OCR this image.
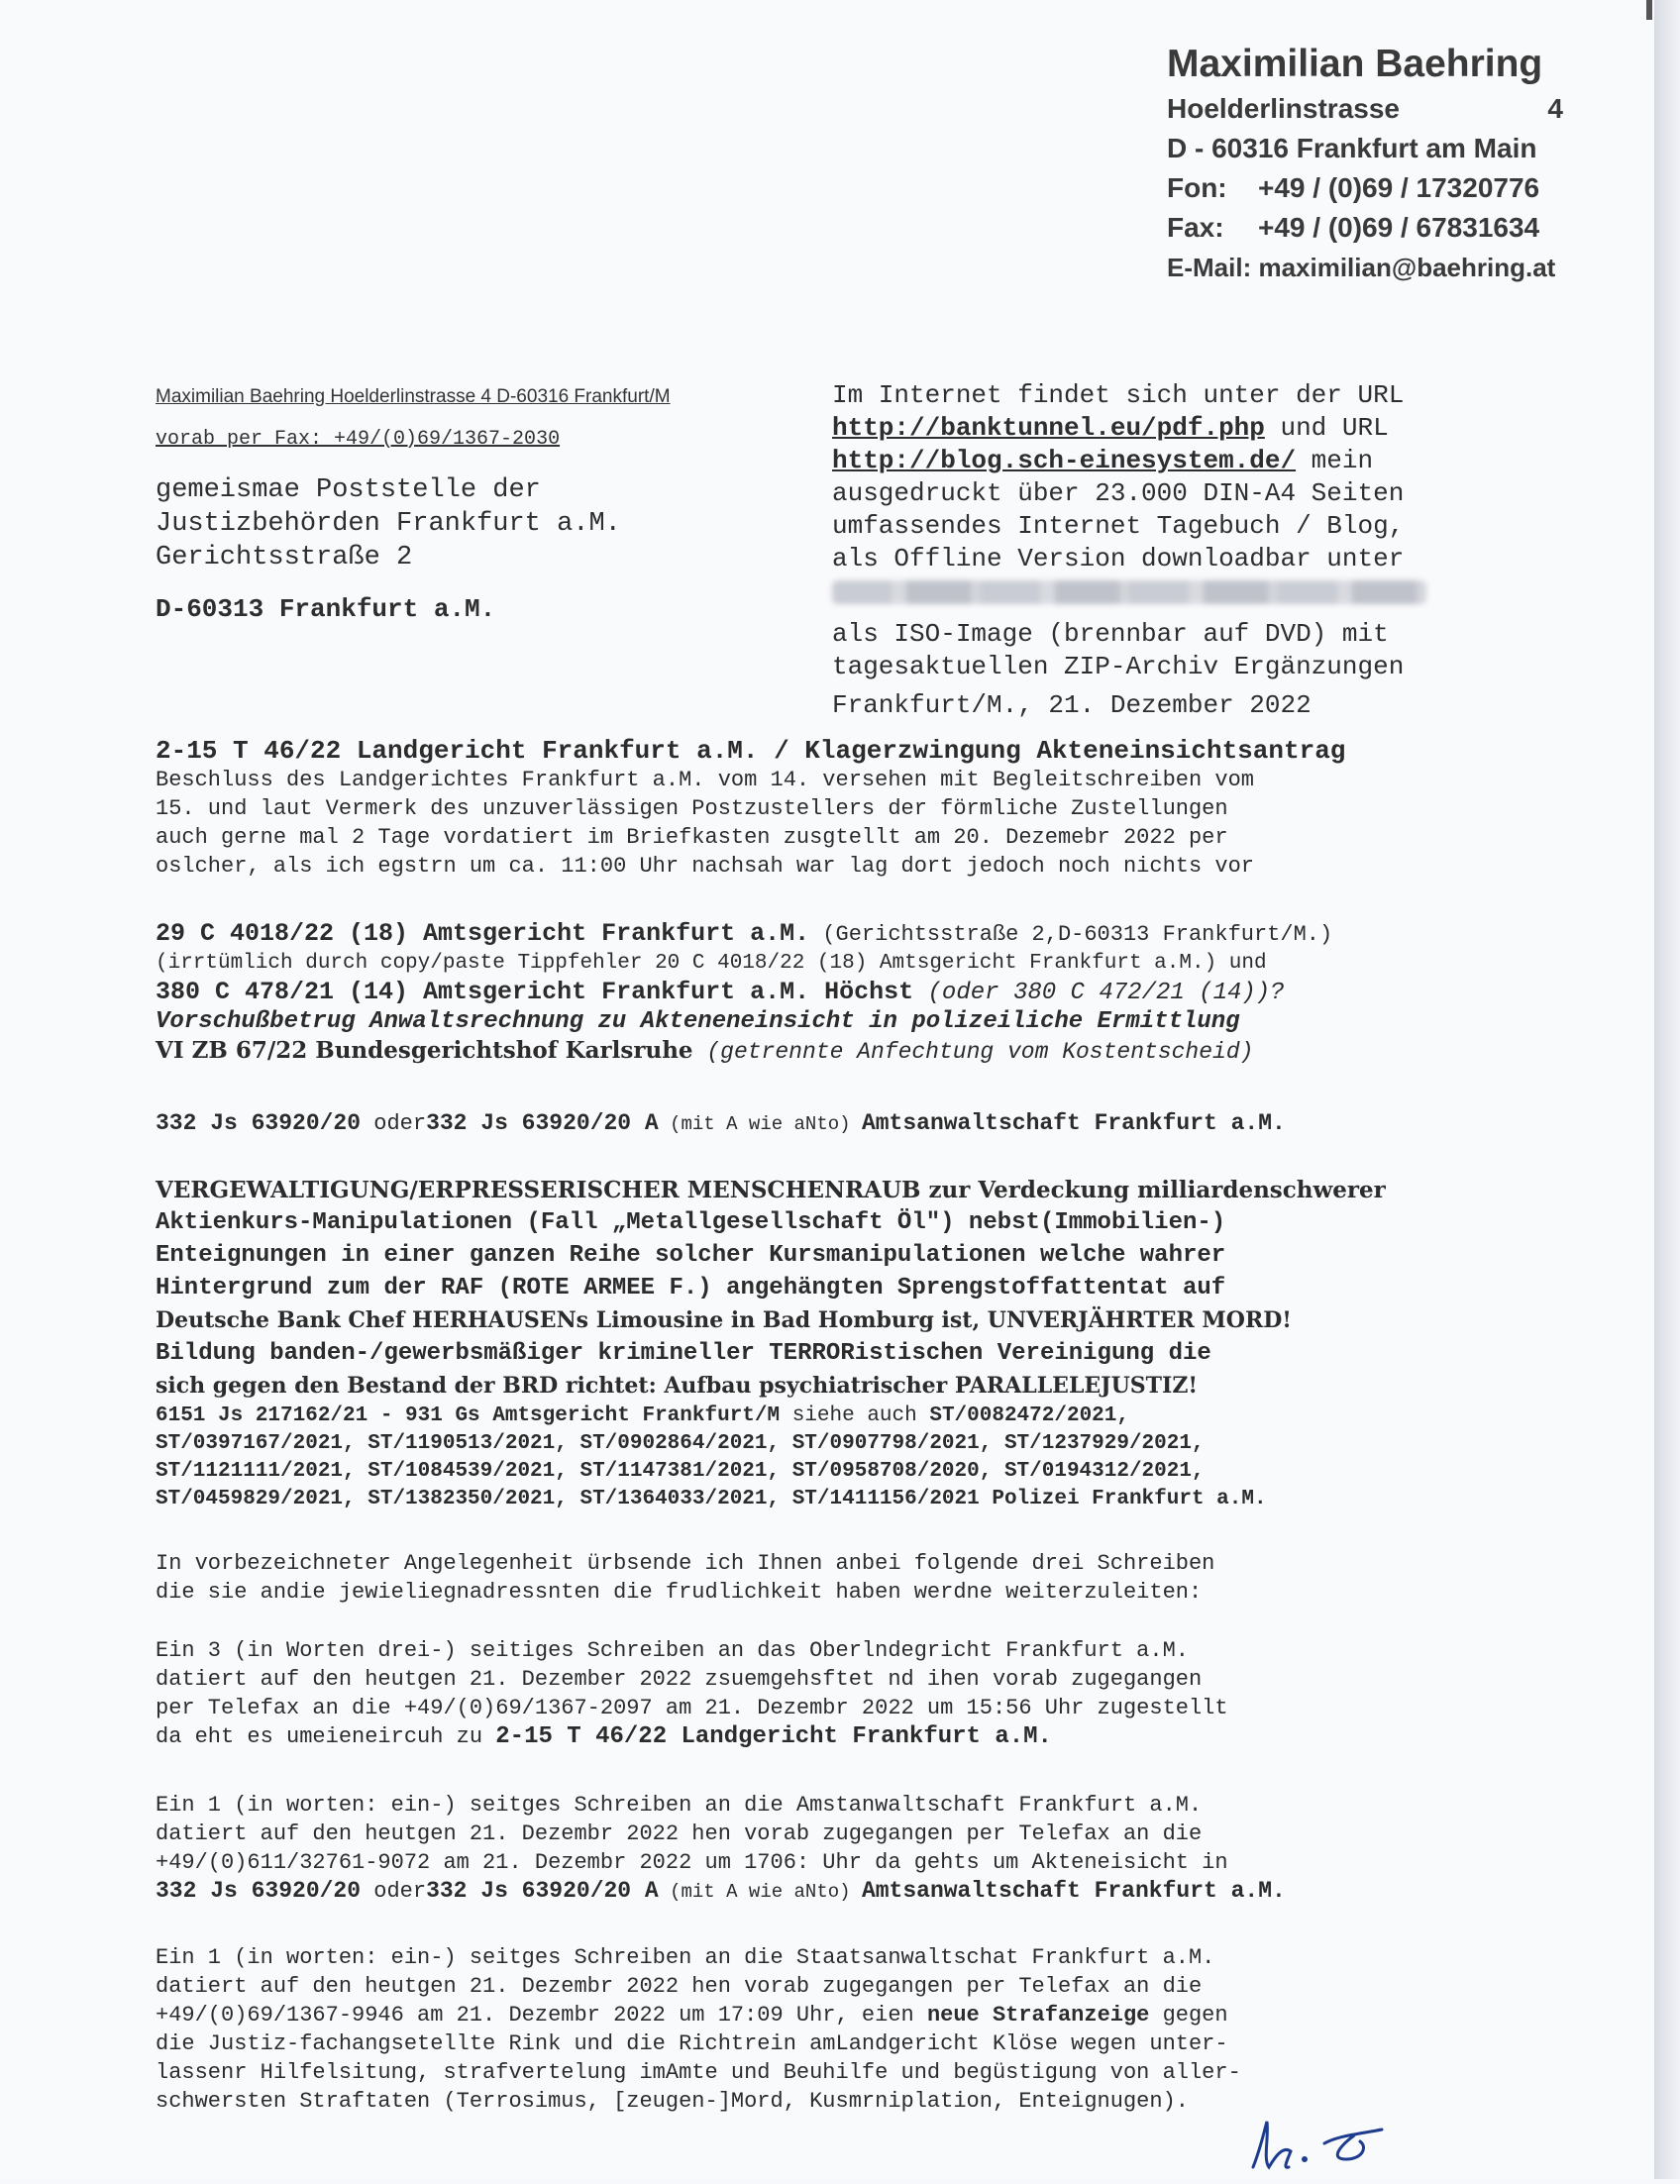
Maximilian Baehring
Hoelderlinstrasse	4
D - 60316 Frankfurt am Main
Fon:	+49 / (0)69 / 17320776
Fax:	+49 / (0)69 / 67831634
E-Mail: maximilian@baehring.at
Maximilian Baehring Hoelderlinstrasse 4 D-60316 Frankfurt/M
vorab per Fax: +49/(0)69/1367-2030
gemeismae Poststelle der
Justizbehörden Frankfurt a.M.
Gerichtsstraße 2
D-60313 Frankfurt a.M.
Im Internet findet sich unter der URL
http://banktunnel.eu/pdf.php und URL
http://blog.sch-einesystem.de/ mein
ausgedruckt über 23.000 DIN-A4 Seiten
umfassendes Internet Tagebuch / Blog,
als Offline Version downloadbar unter
als ISO-Image (brennbar auf DVD) mit
tagesaktuellen ZIP-Archiv Ergänzungen
Frankfurt/M., 21. Dezember 2022
2-15 T 46/22 Landgericht Frankfurt a.M. / Klagerzwingung Akteneinsichtsantrag
Beschluss des Landgerichtes Frankfurt a.M. vom 14. versehen mit Begleitschreiben vom
15. und laut Vermerk des unzuverlässigen Postzustellers der förmliche Zustellungen
auch gerne mal 2 Tage vordatiert im Briefkasten zusgtellt am 20. Dezemebr 2022 per
oslcher, als ich egstrn um ca. 11:00 Uhr nachsah war lag dort jedoch noch nichts vor
29 C 4018/22 (18) Amtsgericht Frankfurt a.M. (Gerichtsstraße 2,D-60313 Frankfurt/M.)
(irrtümlich durch copy/paste Tippfehler 20 C 4018/22 (18) Amtsgericht Frankfurt a.M.) und
380 C 478/21 (14) Amtsgericht Frankfurt a.M. Höchst (oder 380 C 472/21 (14))?
Vorschußbetrug Anwaltsrechnung zu Akteneneinsicht in polizeiliche Ermittlung
VI ZB 67/22 Bundesgerichtshof Karlsruhe (getrennte Anfechtung vom Kostentscheid)
332 Js 63920/20 oder332 Js 63920/20 A (mit A wie aNto) Amtsanwaltschaft Frankfurt a.M.
VERGEWALTIGUNG/ERPRESSERISCHER MENSCHENRAUB zur Verdeckung milliardenschwerer
Aktienkurs-Manipulationen (Fall „Metallgesellschaft Öl") nebst(Immobilien-)
Enteignungen in einer ganzen Reihe solcher Kursmanipulationen welche wahrer
Hintergrund zum der RAF (ROTE ARMEE F.) angehängten Sprengstoffattentat auf
Deutsche Bank Chef HERHAUSENs Limousine in Bad Homburg ist, UNVERJÄHRTER MORD!
Bildung banden-/gewerbsmäßiger krimineller TERRORistischen Vereinigung die
sich gegen den Bestand der BRD richtet: Aufbau psychiatrischer PARALLELEJUSTIZ!
6151 Js 217162/21 - 931 Gs Amtsgericht Frankfurt/M siehe auch ST/0082472/2021,
ST/0397167/2021, ST/1190513/2021, ST/0902864/2021, ST/0907798/2021, ST/1237929/2021,
ST/1121111/2021, ST/1084539/2021, ST/1147381/2021, ST/0958708/2020, ST/0194312/2021,
ST/0459829/2021, ST/1382350/2021, ST/1364033/2021, ST/1411156/2021 Polizei Frankfurt a.M.
In vorbezeichneter Angelegenheit ürbsende ich Ihnen anbei folgende drei Schreiben
die sie andie jewieliegnadressnten die frudlichkeit haben werdne weiterzuleiten:
Ein 3 (in Worten drei-) seitiges Schreiben an das Oberlndegricht Frankfurt a.M.
datiert auf den heutgen 21. Dezember 2022 zsuemgehsftet nd ihen vorab zugegangen
per Telefax an die +49/(0)69/1367-2097 am 21. Dezembr 2022 um 15:56 Uhr zugestellt
da eht es umeieneircuh zu 2-15 T 46/22 Landgericht Frankfurt a.M.
Ein 1 (in worten: ein-) seitges Schreiben an die Amstanwaltschaft Frankfurt a.M.
datiert auf den heutgen 21. Dezembr 2022 hen vorab zugegangen per Telefax an die
+49/(0)611/32761-9072 am 21. Dezembr 2022 um 1706: Uhr da gehts um Akteneisicht in
332 Js 63920/20 oder332 Js 63920/20 A (mit A wie aNto) Amtsanwaltschaft Frankfurt a.M.
Ein 1 (in worten: ein-) seitges Schreiben an die Staatsanwaltschat Frankfurt a.M.
datiert auf den heutgen 21. Dezembr 2022 hen vorab zugegangen per Telefax an die
+49/(0)69/1367-9946 am 21. Dezembr 2022 um 17:09 Uhr, eien neue Strafanzeige gegen
die Justiz-fachangsetellte Rink und die Richtrein amLandgericht Klöse wegen unter-
lassenr Hilfelsitung, strafvertelung imAmte und Beuhilfe und begüstigung von aller-
schwersten Straftaten (Terrosimus, [zeugen-]Mord, Kusmrniplation, Enteignugen).
